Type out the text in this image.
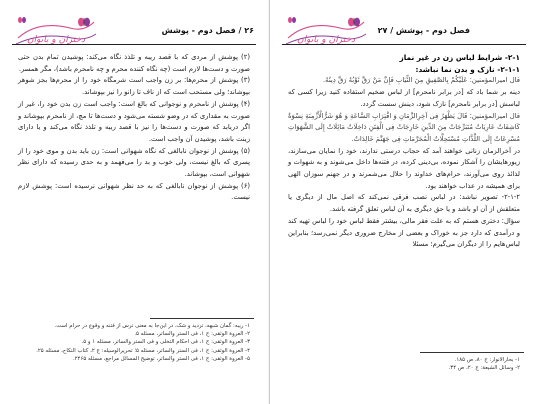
دختران و بانوان
۲۶ / فصل دوم - پوشش

(۲) پوشش از مردی که با قصد ریبه و تلذذ نگاه می‌کند: پوشیدن تمام بدن حتی صورت و دست‌ها لازم است (چه نگاه کننده محرم و چه نامحرم باشد)، مگر همسر.

(۳) پوشش از محرم‌ها: بر زن واجب است شرمگاه خود را از محرم‌ها بجز شوهر بپوشاند؛ ولی مستحب است که از ناف تا زانو را نیز بپوشاند.

(۴) پوشش از نامحرم و نوجوانی که بالغ است: واجب است زن بدن خود را، غیر از صورت به مقداری که در وضو شسته می‌شود و دست‌ها تا مچ، از نامحرم بپوشاند و اگر دریابد که صورت و دست‌ها را نیز با قصد ریبه و تلذذ نگاه می‌کند و یا دارای زینت باشد، پوشیدن آن واجب است.

(۵) پوشش از نوجوان نابالغی که نگاه شهوانی است: زن باید بدن و موی خود را از پسری که بالغ نیست، ولی خوب و بد را می‌فهمد و به حدی رسیده که دارای نظر شهوانی است، بپوشاند.

(۶) پوشش از نوجوان نابالغی که به حد نظر شهوانی نرسیده است: پوشش لازم نیست.

۱- ریبه: گمان شبهه، تردید و شک، در این‌جا به معنی ترس از فتنه و وقوع در حرام است.

۲- العروة الوثقی: ج ۱، فی الستر والساتر، مسئله ۵.

۳- العروة الوثقی: ج ۱، فی احکام التخلی و فی الستر والساتر، مسئله ۱ و ۵.

۴- العروة الوثقی: ج ۱، فی الستر والساتر، مسئله ۵؛ تحریرالوسیله: ج ۲، کتاب النکاح، مسئله ۲۵.

۵- العروة الوثقی: ج ۱، فی الستر والساتر، توضیح المسائل مراجع، مسئله ۲۴۶۵.

دختران و بانوان
فصل دوم - پوشش / ۲۷

۲-۱- شرایط لباس زن در غیر نماز

۲-۱-۱- نازک و بدن نما نباشد:

قال امیرالمؤمنین: عَلَیْکُمْ بِالصَّفِیقِ مِنَ الثِّیَابِ فَإِنَّ مَنْ رَقَّ ثَوْبُهُ رَقَّ دِینُهُ.

دینه بر شما باد که [در برابر نامحرم] از لباس ضخیم استفاده کنید زیرا کسی که لباسش [در برابر نامحرم] نازک شود، دینش سست گردد.

قال امیرالمؤمنین: قَالَ یَظْهَرُ فِی آخِرِالزَّمَانِ وَ اقْتِرَابِ السَّاعَةِ وَ هُوَ شَرُّالْأَزْمِنَةِ نِسْوَةٌ کَاشِفَاتٌ عَارِیَاتٌ مُتَبَرِّجَاتٌ مِنَ الدِّینِ خَارِجَاتٌ فِی الْفِتَنِ دَاخِلَاتٌ مَائِلَاتٌ إِلَی الشَّهَوَاتِ مُسْرِعَاتٌ إِلَی اللَّذَّاتِ مُسْتَحِلَّاتٌ الْمُحَرَّمَاتِ فِی جَهَنَّمَ خَالِدَاتٌ.

در آخرالزمان زنانی خواهند آمد که حجاب درستی ندارند، خود را نمایان می‌سازند، زیورهایشان را آشکار نموده، بی‌دینی کرده، در فتنه‌ها داخل می‌شوند و به شهوات و لذائذ روی می‌آورند، حرام‌های خداوند را حلال می‌شمرند و در جهنم سوزان الهی برای همیشه در عذاب خواهند بود.

۲-۱-۲- تصویر نباشد: در لباس نصب فرقی نمی‌کند که اصل مال از دیگری یا متعلقش از آن او باشد و یا حق دیگری به آن لباس تعلق گرفته باشد.

سؤال: دختری هستم که به علت فقر مالی، بیشتر فقط لباس خود را لباس تهیه کند و درآمدی که دارد جز به خوراک و بعضی از مخارج ضروری دیگر نمی‌رسد؛ بنابراین لباس‌هایم را از دیگران می‌گیرم؛ مسئلا

۱- بحارالانوار: ج ۸۰، ص ۱۸۵.

۲- وسائل الشیعة: ج ۲۰، ص ۳۴.
